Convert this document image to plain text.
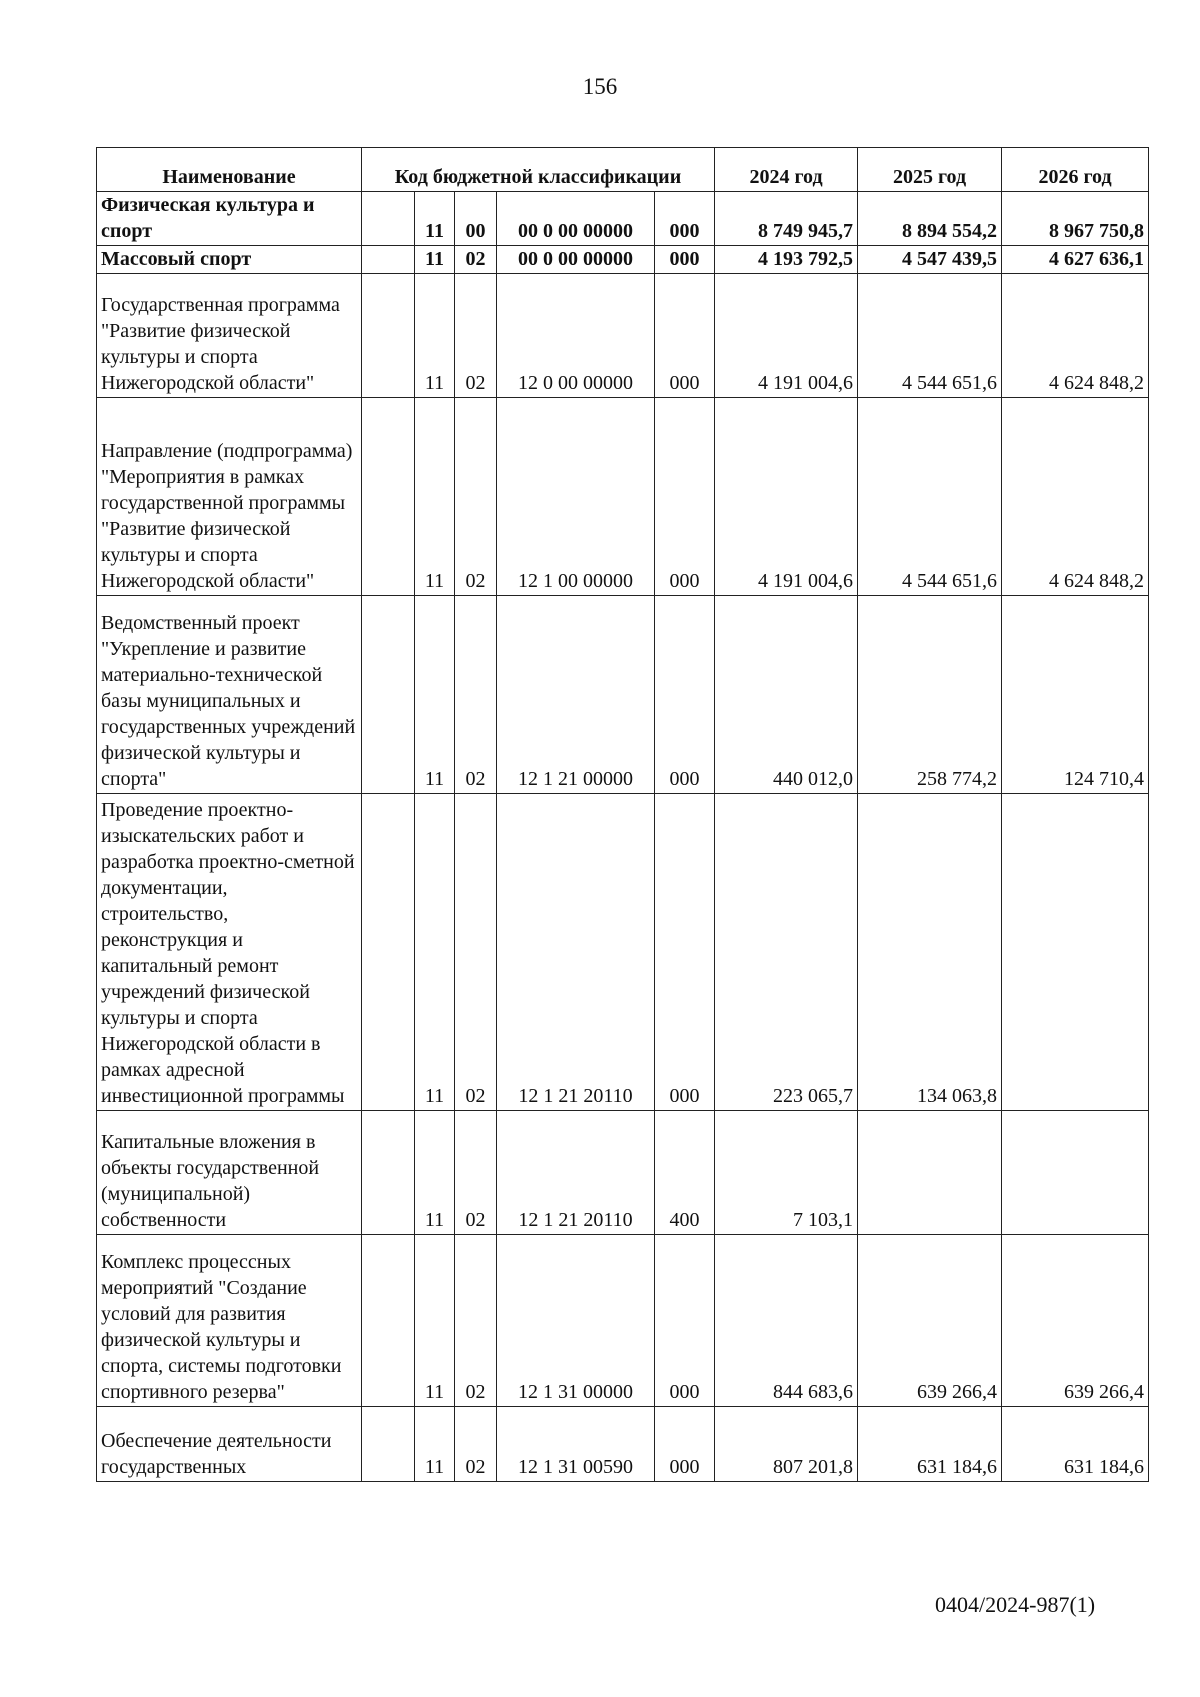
156
Наименование	Код бюджетной классификации					2024 год	2025 год	2026 год
Физическая культура и спорт		11	00	00 0 00 00000	000	8 749 945,7	8 894 554,2	8 967 750,8
Массовый спорт		11	02	00 0 00 00000	000	4 193 792,5	4 547 439,5	4 627 636,1
Государственная программа "Развитие физической культуры и спорта Нижегородской области"		11	02	12 0 00 00000	000	4 191 004,6	4 544 651,6	4 624 848,2
Направление (подпрограмма) "Мероприятия в рамках государственной программы "Развитие физической культуры и спорта Нижегородской области"		11	02	12 1 00 00000	000	4 191 004,6	4 544 651,6	4 624 848,2
Ведомственный проект "Укрепление и развитие материально-технической базы муниципальных и государственных учреждений физической культуры и спорта"		11	02	12 1 21 00000	000	440 012,0	258 774,2	124 710,4
Проведение проектно-изыскательских работ и разработка проектно-сметной документации, строительство, реконструкция и капитальный ремонт учреждений физической культуры и спорта Нижегородской области в рамках адресной инвестиционной программы		11	02	12 1 21 20110	000	223 065,7	134 063,8	
Капитальные вложения в объекты государственной (муниципальной) собственности		11	02	12 1 21 20110	400	7 103,1		
Комплекс процессных мероприятий "Создание условий для развития физической культуры и спорта, системы подготовки спортивного резерва"		11	02	12 1 31 00000	000	844 683,6	639 266,4	639 266,4
Обеспечение деятельности государственных		11	02	12 1 31 00590	000	807 201,8	631 184,6	631 184,6
0404/2024-987(1)
